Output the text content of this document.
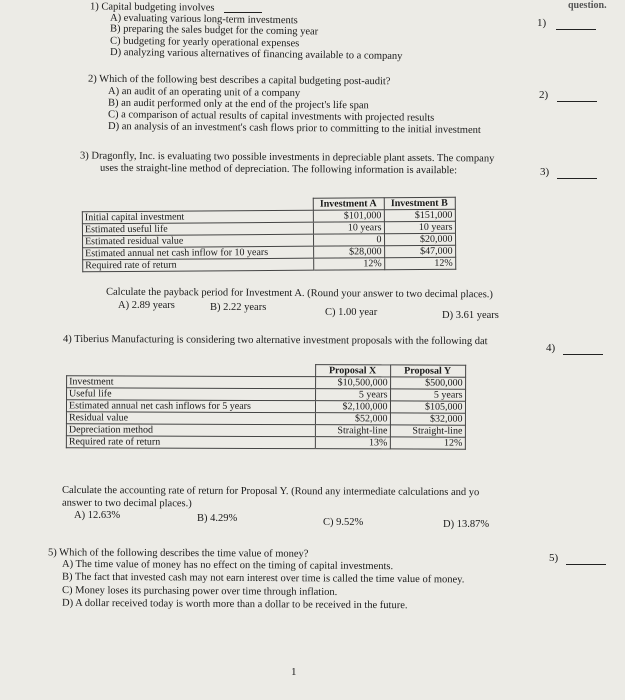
question.
1) Capital budgeting involves
A) evaluating various long-term investments
B) preparing the sales budget for the coming year
C) budgeting for yearly operational expenses
D) analyzing various alternatives of financing available to a company
1)
2) Which of the following best describes a capital budgeting post-audit?
A) an audit of an operating unit of a company
B) an audit performed only at the end of the project's life span
C) a comparison of actual results of capital investments with projected results
D) an analysis of an investment's cash flows prior to committing to the initial investment
2)
3) Dragonfly, Inc. is evaluating two possible investments in depreciable plant assets. The company
uses the straight-line method of depreciation. The following information is available:	3)
	Investment A	Investment B
Initial capital investment	$101,000	$151,000
Estimated useful life	10 years	10 years
Estimated residual value	0	$20,000
Estimated annual net cash inflow for 10 years	$28,000	$47,000
Required rate of return	12%	12%
Calculate the payback period for Investment A. (Round your answer to two decimal places.)
A) 2.89 years	B) 2.22 years	C) 1.00 year	D) 3.61 years
4) Tiberius Manufacturing is considering two alternative investment proposals with the following dat
4)
	Proposal X	Proposal Y
Investment	$10,500,000	$500,000
Useful life	5 years	5 years
Estimated annual net cash inflows for 5 years	$2,100,000	$105,000
Residual value	$52,000	$32,000
Depreciation method	Straight-line	Straight-line
Required rate of return	13%	12%
Calculate the accounting rate of return for Proposal Y. (Round any intermediate calculations and yo
answer to two decimal places.)
A) 12.63%	B) 4.29%	C) 9.52%	D) 13.87%
5) Which of the following describes the time value of money?
A) The time value of money has no effect on the timing of capital investments.
B) The fact that invested cash may not earn interest over time is called the time value of money.
C) Money loses its purchasing power over time through inflation.
D) A dollar received today is worth more than a dollar to be received in the future.
5)
1
